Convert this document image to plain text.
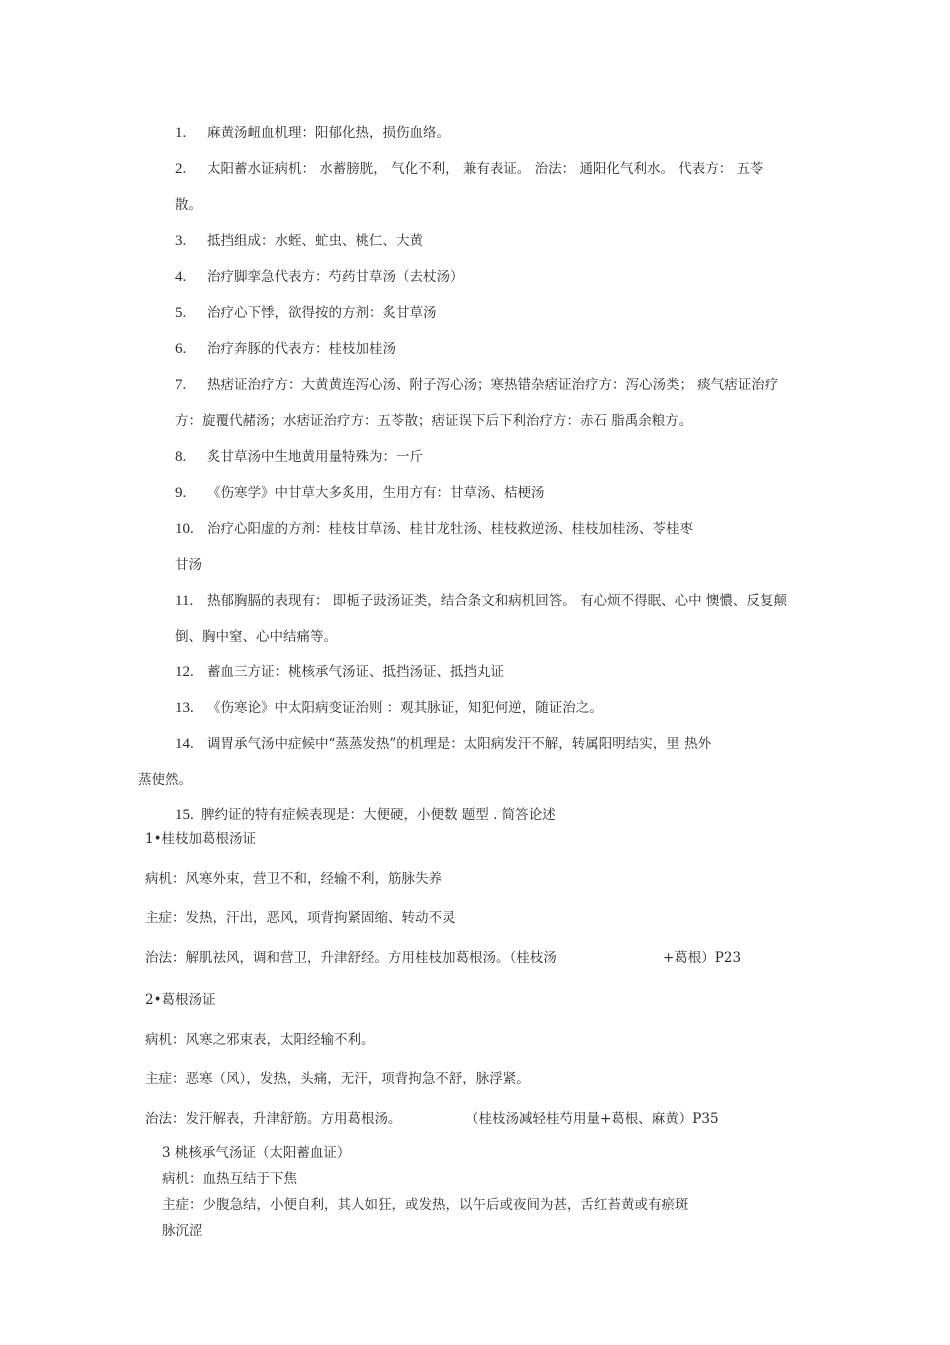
1. 麻黄汤衄血机理：阳郁化热，损伤血络。
2. 太阳蓄水证病机： 水蓄膀胱， 气化不利， 兼有表证。 治法： 通阳化气利水。 代表方： 五苓
散。
3. 抵挡组成：水蛭、虻虫、桃仁、大黄
4. 治疗脚挛急代表方：芍药甘草汤（去杖汤）
5. 治疗心下悸，欲得按的方剂：炙甘草汤
6. 治疗奔豚的代表方：桂枝加桂汤
7. 热痞证治疗方：大黄黄连泻心汤、附子泻心汤；寒热错杂痞证治疗方：泻心汤类； 痰气痞证治疗
方：旋覆代赭汤；水痞证治疗方：五苓散；痞证误下后下利治疗方：赤石 脂禹余粮方。
8. 炙甘草汤中生地黄用量特殊为：一斤
9. 《伤寒学》中甘草大多炙用，生用方有：甘草汤、桔梗汤
10. 治疗心阳虚的方剂：桂枝甘草汤、桂甘龙牡汤、桂枝救逆汤、桂枝加桂汤、苓桂枣
甘汤
11. 热郁胸膈的表现有： 即栀子豉汤证类，结合条文和病机回答。 有心烦不得眠、心中 懊憹、反复颠
倒、胸中窒、心中结痛等。
12. 蓄血三方证：桃核承气汤证、抵挡汤证、抵挡丸证
13. 《伤寒论》中太阳病变证治则 ：观其脉证，知犯何逆，随证治之。
14. 调胃承气汤中症候中“蒸蒸发热”的机理是：太阳病发汗不解，转属阳明结实，里 热外
蒸使然。
15. 脾约证的特有症候表现是：大便硬，小便数 题型 . 简答论述
1•桂枝加葛根汤证
病机：风寒外束，营卫不和，经输不利，筋脉失养
主症：发热，汗出，恶风，项背拘紧固缩、转动不灵
治法：解肌祛风，调和营卫，升津舒经。方用桂枝加葛根汤。（桂枝汤	+葛根）P23
2•葛根汤证
病机：风寒之邪束表，太阳经输不利。
主症：恶寒（风），发热，头痛，无汗，项背拘急不舒，脉浮紧。
治法：发汗解表，升津舒筋。方用葛根汤。	（桂枝汤减轻桂芍用量+葛根、麻黄）P35
3 桃核承气汤证（太阳蓄血证）
病机：血热互结于下焦
主症：少腹急结，小便自利，其人如狂，或发热，以午后或夜间为甚，舌红苔黄或有瘀斑
脉沉涩
